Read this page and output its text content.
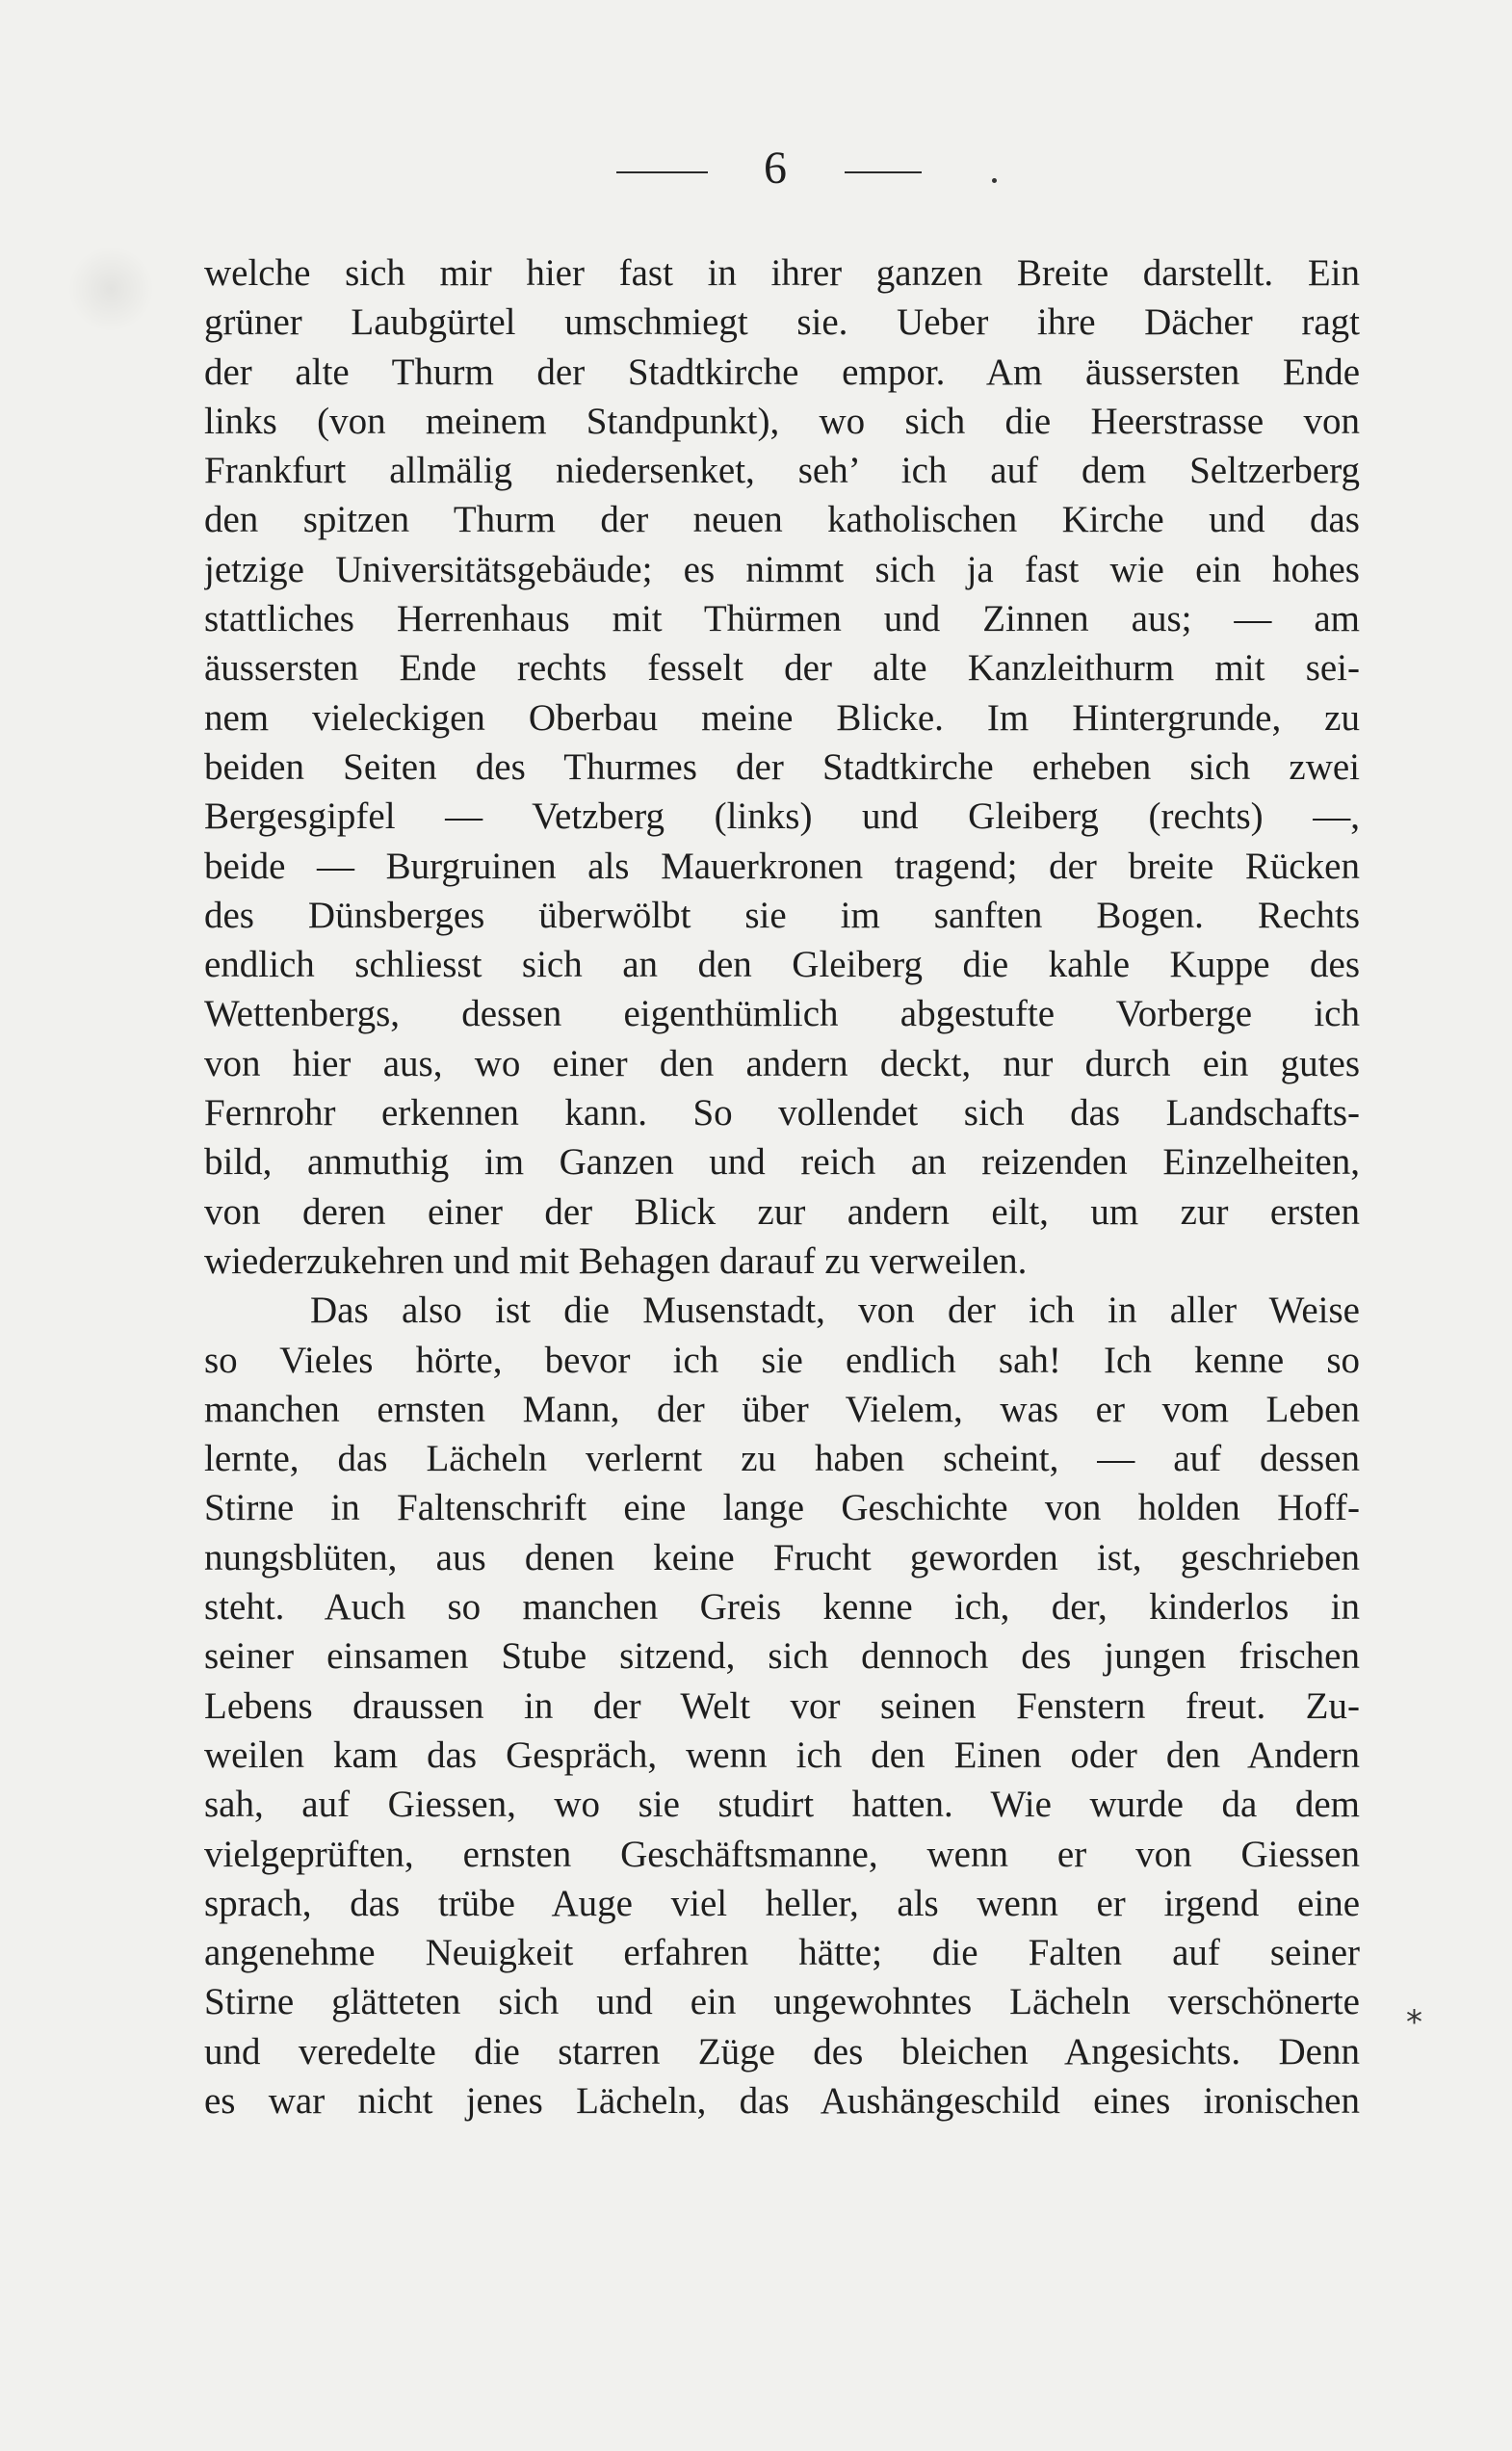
6
welche sich mir hier fast in ihrer ganzen Breite darstellt. Ein
grüner Laubgürtel umschmiegt sie. Ueber ihre Dächer ragt
der alte Thurm der Stadtkirche empor. Am äussersten Ende
links (von meinem Standpunkt), wo sich die Heerstrasse von
Frankfurt allmälig niedersenket, seh’ ich auf dem Seltzerberg
den spitzen Thurm der neuen katholischen Kirche und das
jetzige Universitätsgebäude; es nimmt sich ja fast wie ein hohes
stattliches Herrenhaus mit Thürmen und Zinnen aus; — am
äussersten Ende rechts fesselt der alte Kanzleithurm mit sei-
nem vieleckigen Oberbau meine Blicke. Im Hintergrunde, zu
beiden Seiten des Thurmes der Stadtkirche erheben sich zwei
Bergesgipfel — Vetzberg (links) und Gleiberg (rechts) —,
beide — Burgruinen als Mauerkronen tragend; der breite Rücken
des Dünsberges überwölbt sie im sanften Bogen. Rechts
endlich schliesst sich an den Gleiberg die kahle Kuppe des
Wettenbergs, dessen eigenthümlich abgestufte Vorberge ich
von hier aus, wo einer den andern deckt, nur durch ein gutes
Fernrohr erkennen kann. So vollendet sich das Landschafts-
bild, anmuthig im Ganzen und reich an reizenden Einzelheiten,
von deren einer der Blick zur andern eilt, um zur ersten
wiederzukehren und mit Behagen darauf zu verweilen.
Das also ist die Musenstadt, von der ich in aller Weise
so Vieles hörte, bevor ich sie endlich sah! Ich kenne so
manchen ernsten Mann, der über Vielem, was er vom Leben
lernte, das Lächeln verlernt zu haben scheint, — auf dessen
Stirne in Faltenschrift eine lange Geschichte von holden Hoff-
nungsblüten, aus denen keine Frucht geworden ist, geschrieben
steht. Auch so manchen Greis kenne ich, der, kinderlos in
seiner einsamen Stube sitzend, sich dennoch des jungen frischen
Lebens draussen in der Welt vor seinen Fenstern freut. Zu-
weilen kam das Gespräch, wenn ich den Einen oder den Andern
sah, auf Giessen, wo sie studirt hatten. Wie wurde da dem
vielgeprüften, ernsten Geschäftsmanne, wenn er von Giessen
sprach, das trübe Auge viel heller, als wenn er irgend eine
angenehme Neuigkeit erfahren hätte; die Falten auf seiner
Stirne glätteten sich und ein ungewohntes Lächeln verschönerte
und veredelte die starren Züge des bleichen Angesichts. Denn
es war nicht jenes Lächeln, das Aushängeschild eines ironischen
*
